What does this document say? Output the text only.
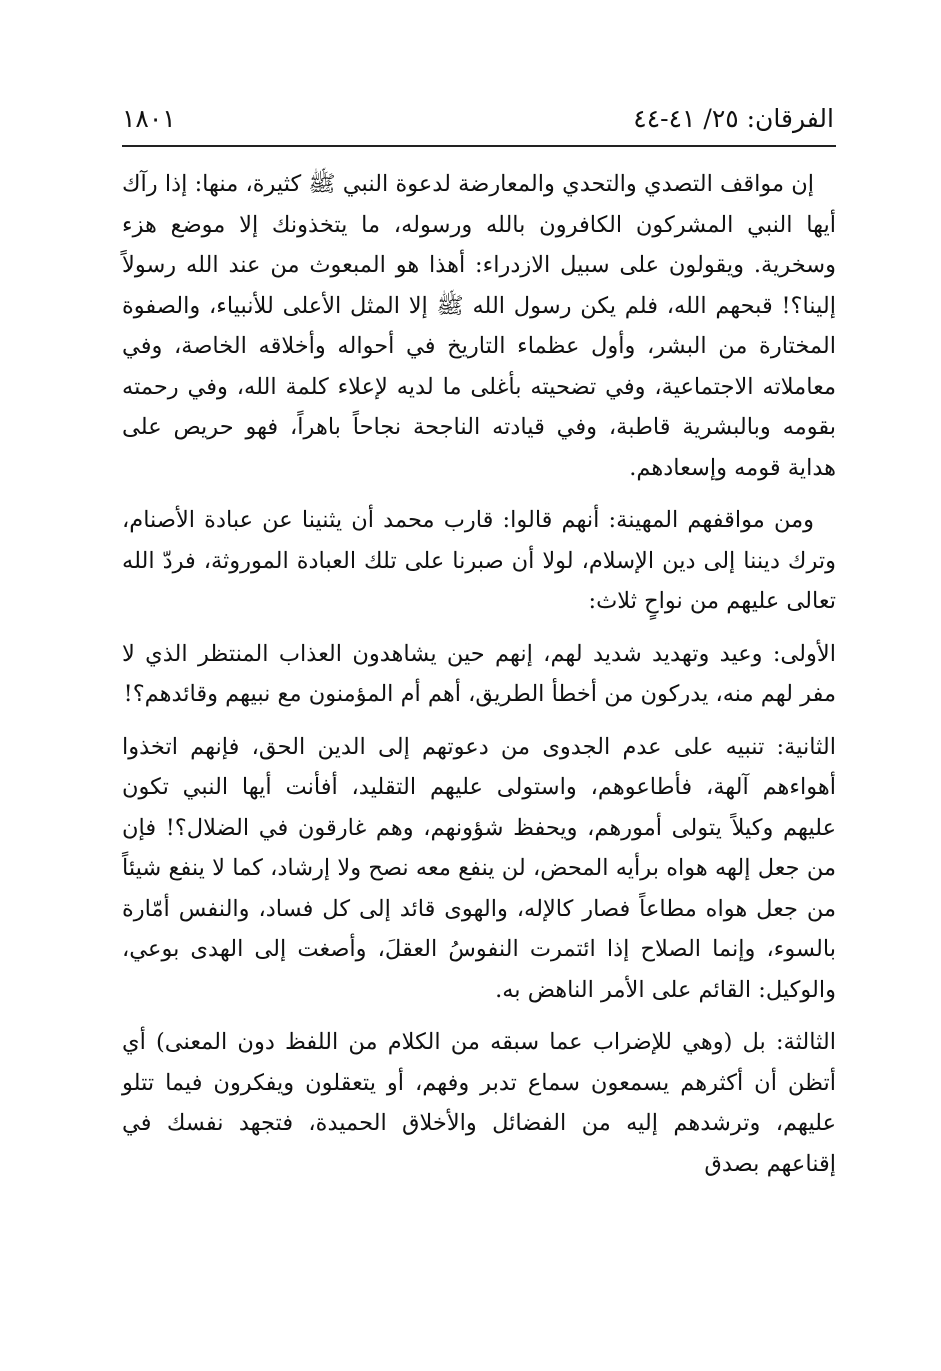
الفرقان: ٢٥/ ٤١-٤٤
١٨٠١

إن مواقف التصدي والتحدي والمعارضة لدعوة النبي ﷺ كثيرة، منها: إذا رآك أيها النبي المشركون الكافرون بالله ورسوله، ما يتخذونك إلا موضع هزء وسخرية. ويقولون على سبيل الازدراء: أهذا هو المبعوث من عند الله رسولاً إلينا؟! قبحهم الله، فلم يكن رسول الله ﷺ إلا المثل الأعلى للأنبياء، والصفوة المختارة من البشر، وأول عظماء التاريخ في أحواله وأخلاقه الخاصة، وفي معاملاته الاجتماعية، وفي تضحيته بأغلى ما لديه لإعلاء كلمة الله، وفي رحمته بقومه وبالبشرية قاطبة، وفي قيادته الناجحة نجاحاً باهراً، فهو حريص على هداية قومه وإسعادهم.

ومن مواقفهم المهينة: أنهم قالوا: قارب محمد أن يثنينا عن عبادة الأصنام، وترك ديننا إلى دين الإسلام، لولا أن صبرنا على تلك العبادة الموروثة، فردّ الله تعالى عليهم من نواحٍ ثلاث:

الأولى: وعيد وتهديد شديد لهم، إنهم حين يشاهدون العذاب المنتظر الذي لا مفر لهم منه، يدركون من أخطأ الطريق، أهم أم المؤمنون مع نبيهم وقائدهم؟!

الثانية: تنبيه على عدم الجدوى من دعوتهم إلى الدين الحق، فإنهم اتخذوا أهواءهم آلهة، فأطاعوهم، واستولى عليهم التقليد، أفأنت أيها النبي تكون عليهم وكيلاً يتولى أمورهم، ويحفظ شؤونهم، وهم غارقون في الضلال؟! فإن من جعل إلهه هواه برأيه المحض، لن ينفع معه نصح ولا إرشاد، كما لا ينفع شيئاً من جعل هواه مطاعاً فصار كالإله، والهوى قائد إلى كل فساد، والنفس أمّارة بالسوء، وإنما الصلاح إذا ائتمرت النفوسُ العقلَ، وأصغت إلى الهدى بوعي، والوكيل: القائم على الأمر الناهض به.

الثالثة: بل (وهي للإضراب عما سبقه من الكلام من اللفظ دون المعنى) أي أتظن أن أكثرهم يسمعون سماع تدبر وفهم، أو يتعقلون ويفكرون فيما تتلو عليهم، وترشدهم إليه من الفضائل والأخلاق الحميدة، فتجهد نفسك في إقناعهم بصدق
